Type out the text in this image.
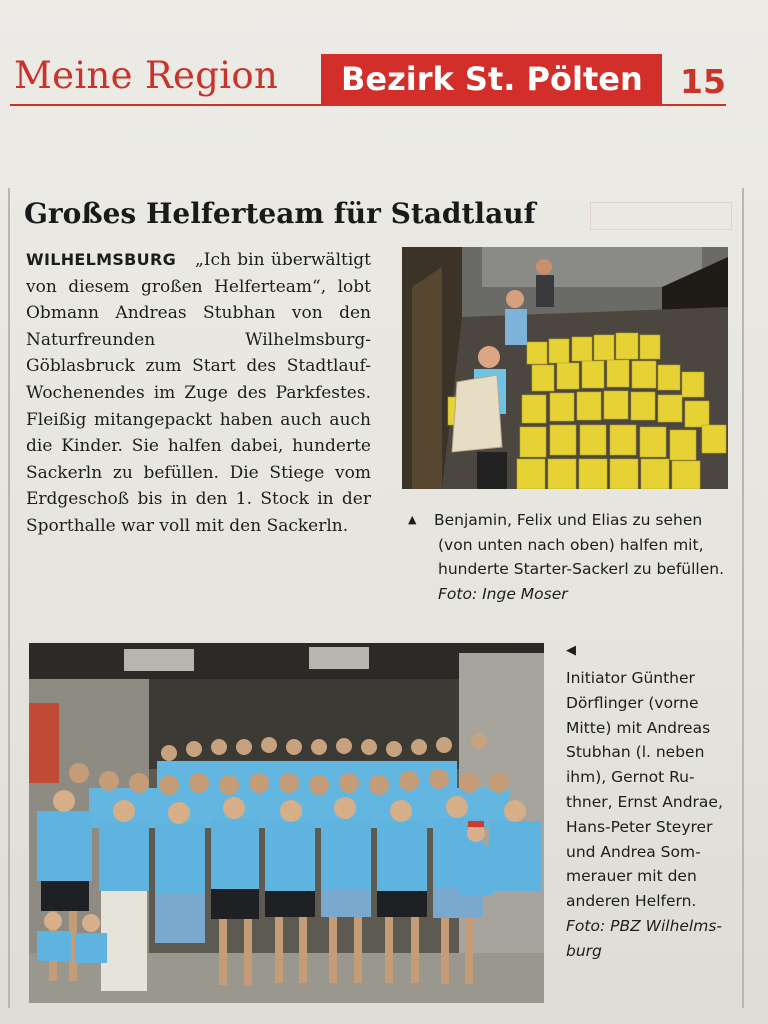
Meine Region Bezirk St. Pölten 15
Großes Helferteam für Stadtlauf
WILHELMSBURG „Ich bin überwältigt von diesem großen Helferteam“, lobt Obmann Andreas Stubhan von den Naturfreunden Wilhelmsburg-Göblasbruck zum Start des Stadtlauf-Wochenendes im Zuge des Parkfestes. Fleißig mitangepackt haben auch auch die Kinder. Sie halfen dabei, hunderte Sackerln zu befüllen. Die Stiege vom Erdgeschoß bis in den 1. Stock in der Sporthalle war voll mit den Sackerln.	▲ Benjamin, Felix und Elias zu sehen
(von unten nach oben) halfen mit,
hunderte Starter-Sackerl zu befüllen.
Foto: Inge Moser
◀
Initiator Günther
Dörflinger (vorne
Mitte) mit Andreas
Stubhan (l. neben
ihm), Gernot Ru-
thner, Ernst Andrae,
Hans-Peter Steyrer
und Andrea Som-
merauer mit den
anderen Helfern.
Foto: PBZ Wilhelms-
burg
